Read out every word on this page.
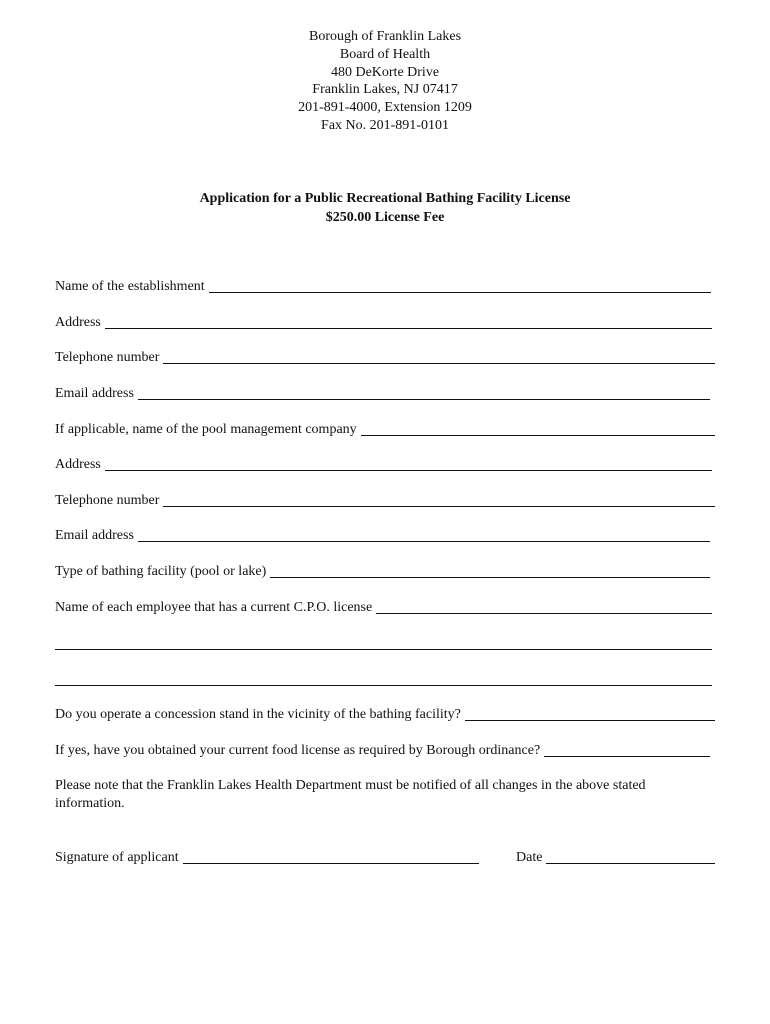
Borough of Franklin Lakes
Board of Health
480 DeKorte Drive
Franklin Lakes, NJ 07417
201-891-4000, Extension 1209
Fax No. 201-891-0101
Application for a Public Recreational Bathing Facility License
$250.00 License Fee
Name of the establishment
Address
Telephone number
Email address
If applicable, name of the pool management company
Address
Telephone number
Email address
Type of bathing facility (pool or lake)
Name of each employee that has a current C.P.O. license
Do you operate a concession stand in the vicinity of the bathing facility?
If yes, have you obtained your current food license as required by Borough ordinance?
Please note that the Franklin Lakes Health Department must be notified of all changes in the above stated information.
Signature of applicant	Date
